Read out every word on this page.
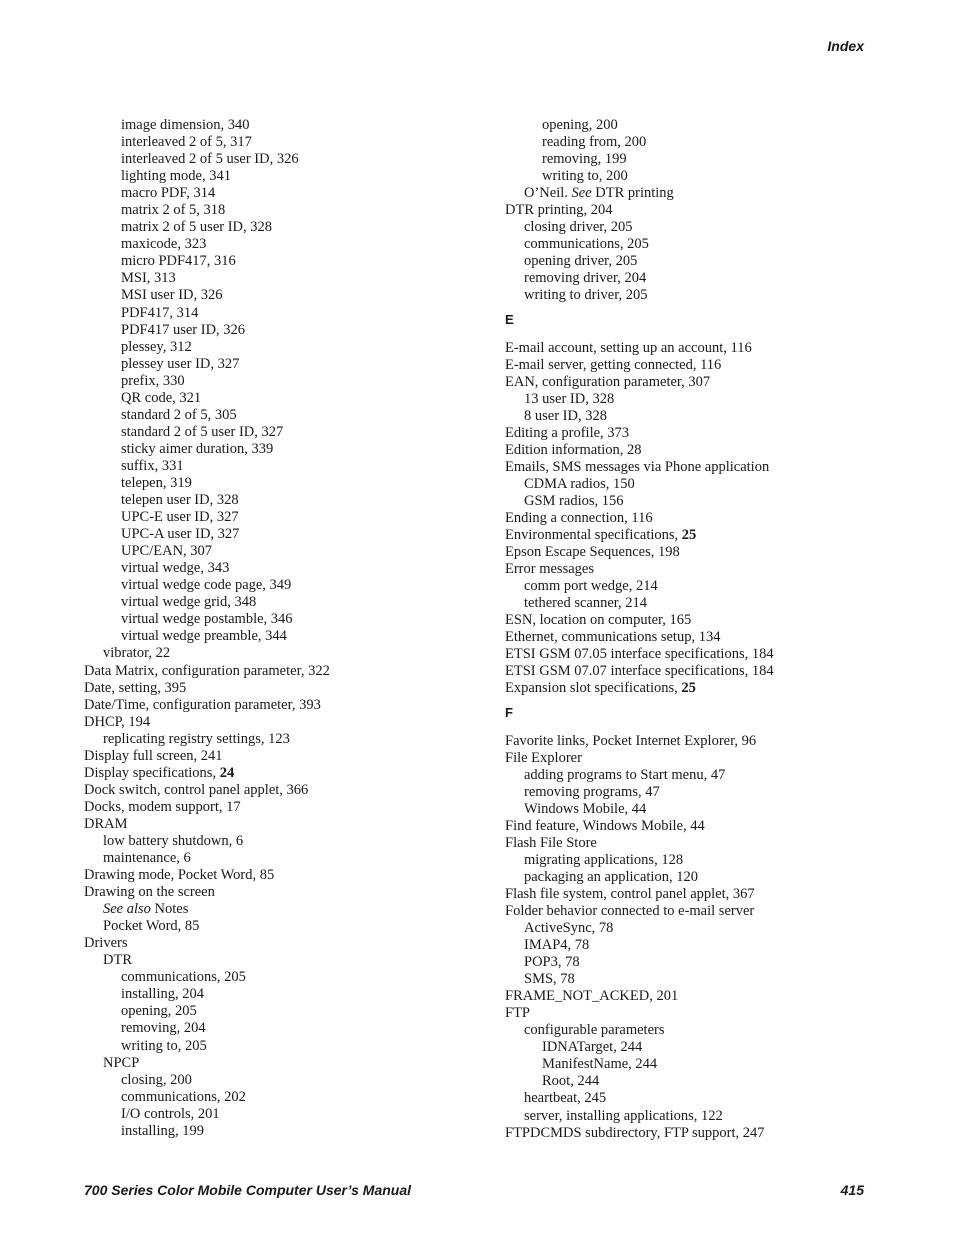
Index
image dimension, 340
interleaved 2 of 5, 317
interleaved 2 of 5 user ID, 326
lighting mode, 341
macro PDF, 314
matrix 2 of 5, 318
matrix 2 of 5 user ID, 328
maxicode, 323
micro PDF417, 316
MSI, 313
MSI user ID, 326
PDF417, 314
PDF417 user ID, 326
plessey, 312
plessey user ID, 327
prefix, 330
QR code, 321
standard 2 of 5, 305
standard 2 of 5 user ID, 327
sticky aimer duration, 339
suffix, 331
telepen, 319
telepen user ID, 328
UPC-E user ID, 327
UPC-A user ID, 327
UPC/EAN, 307
virtual wedge, 343
virtual wedge code page, 349
virtual wedge grid, 348
virtual wedge postamble, 346
virtual wedge preamble, 344
vibrator, 22
Data Matrix, configuration parameter, 322
Date, setting, 395
Date/Time, configuration parameter, 393
DHCP, 194
replicating registry settings, 123
Display full screen, 241
Display specifications, 24
Dock switch, control panel applet, 366
Docks, modem support, 17
DRAM
low battery shutdown, 6
maintenance, 6
Drawing mode, Pocket Word, 85
Drawing on the screen
See also Notes
Pocket Word, 85
Drivers
DTR
communications, 205
installing, 204
opening, 205
removing, 204
writing to, 205
NPCP
closing, 200
communications, 202
I/O controls, 201
installing, 199
opening, 200
reading from, 200
removing, 199
writing to, 200
O’Neil. See DTR printing
DTR printing, 204
closing driver, 205
communications, 205
opening driver, 205
removing driver, 204
writing to driver, 205
E
E-mail account, setting up an account, 116
E-mail server, getting connected, 116
EAN, configuration parameter, 307
13 user ID, 328
8 user ID, 328
Editing a profile, 373
Edition information, 28
Emails, SMS messages via Phone application
CDMA radios, 150
GSM radios, 156
Ending a connection, 116
Environmental specifications, 25
Epson Escape Sequences, 198
Error messages
comm port wedge, 214
tethered scanner, 214
ESN, location on computer, 165
Ethernet, communications setup, 134
ETSI GSM 07.05 interface specifications, 184
ETSI GSM 07.07 interface specifications, 184
Expansion slot specifications, 25
F
Favorite links, Pocket Internet Explorer, 96
File Explorer
adding programs to Start menu, 47
removing programs, 47
Windows Mobile, 44
Find feature, Windows Mobile, 44
Flash File Store
migrating applications, 128
packaging an application, 120
Flash file system, control panel applet, 367
Folder behavior connected to e-mail server
ActiveSync, 78
IMAP4, 78
POP3, 78
SMS, 78
FRAME_NOT_ACKED, 201
FTP
configurable parameters
IDNATarget, 244
ManifestName, 244
Root, 244
heartbeat, 245
server, installing applications, 122
FTPDCMDS subdirectory, FTP support, 247
700 Series Color Mobile Computer User’s Manual	415
